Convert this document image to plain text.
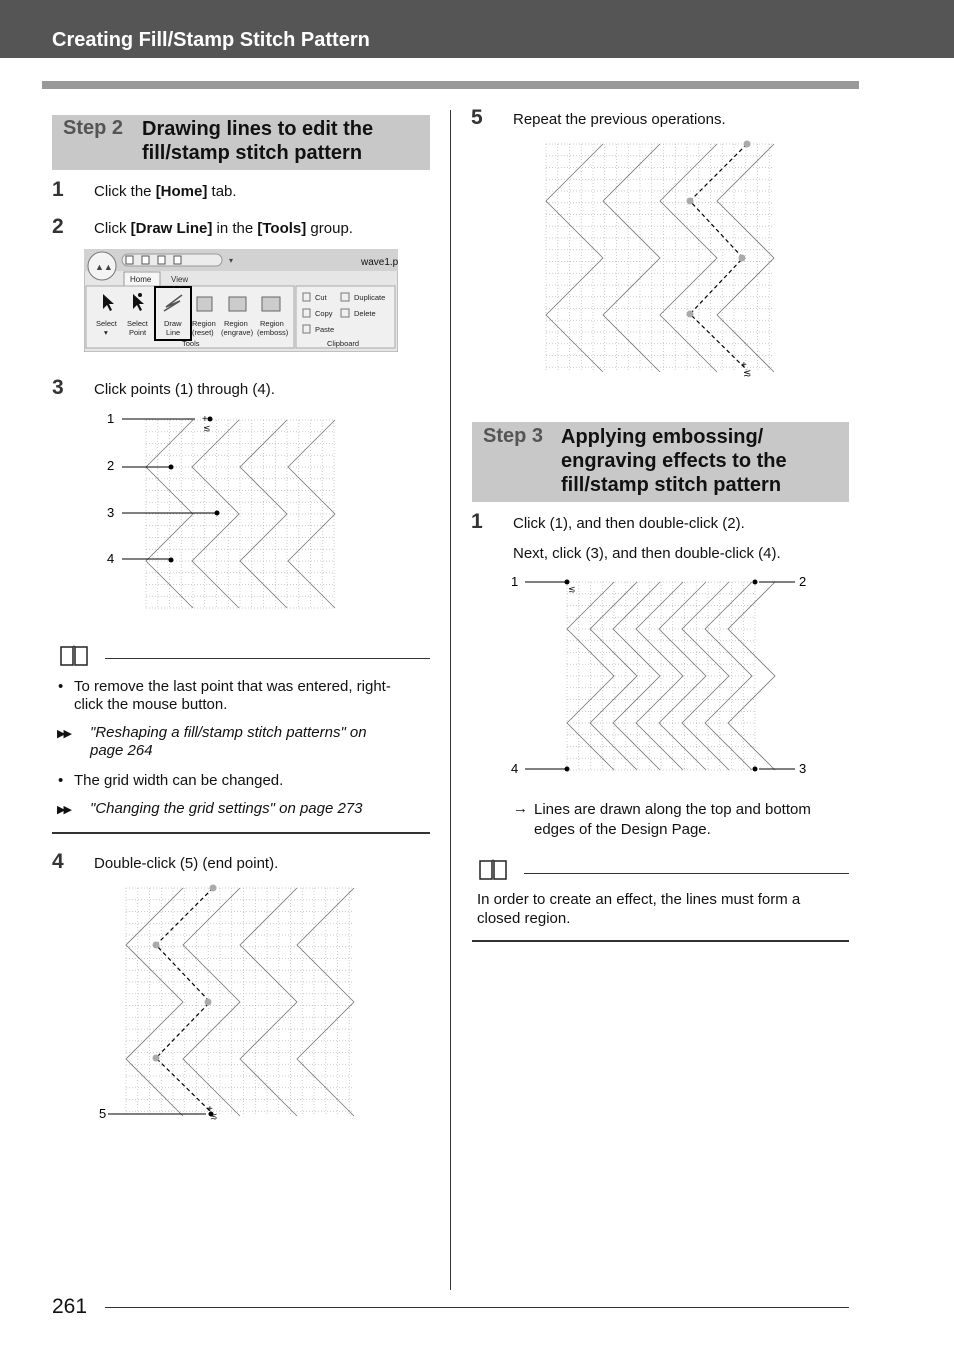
Creating Fill/Stamp Stitch Pattern
Step 2 Drawing lines to edit the
fill/stamp stitch pattern
1 Click the [Home] tab.
2 Click [Draw Line] in the [Tools] group.
▲▲
▾	wave1.p
Home View
Select Select Draw Region Region Region
▾	Point	Line (reset) (engrave) (emboss)
Tools
Cut	Duplicate
Copy	Delete
Paste
Clipboard
3 Click points (1) through (4).
+
≲
1
2
3
4
• To remove the last point that was entered, right-
click the mouse button.
▶▶ "Reshaping a fill/stamp stitch patterns" on
page 264
• The grid width can be changed.
▶▶ "Changing the grid settings" on page 273
4 Double-click (5) (end point).
+
≲
5
5 Repeat the previous operations.
+
≲
Step 3 Applying embossing/
engraving effects to the
fill/stamp stitch pattern
1 Click (1), and then double-click (2).
Next, click (3), and then double-click (4).
≲
1	2
3
4
→ Lines are drawn along the top and bottom
edges of the Design Page.
In order to create an effect, the lines must form a
closed region.
261
